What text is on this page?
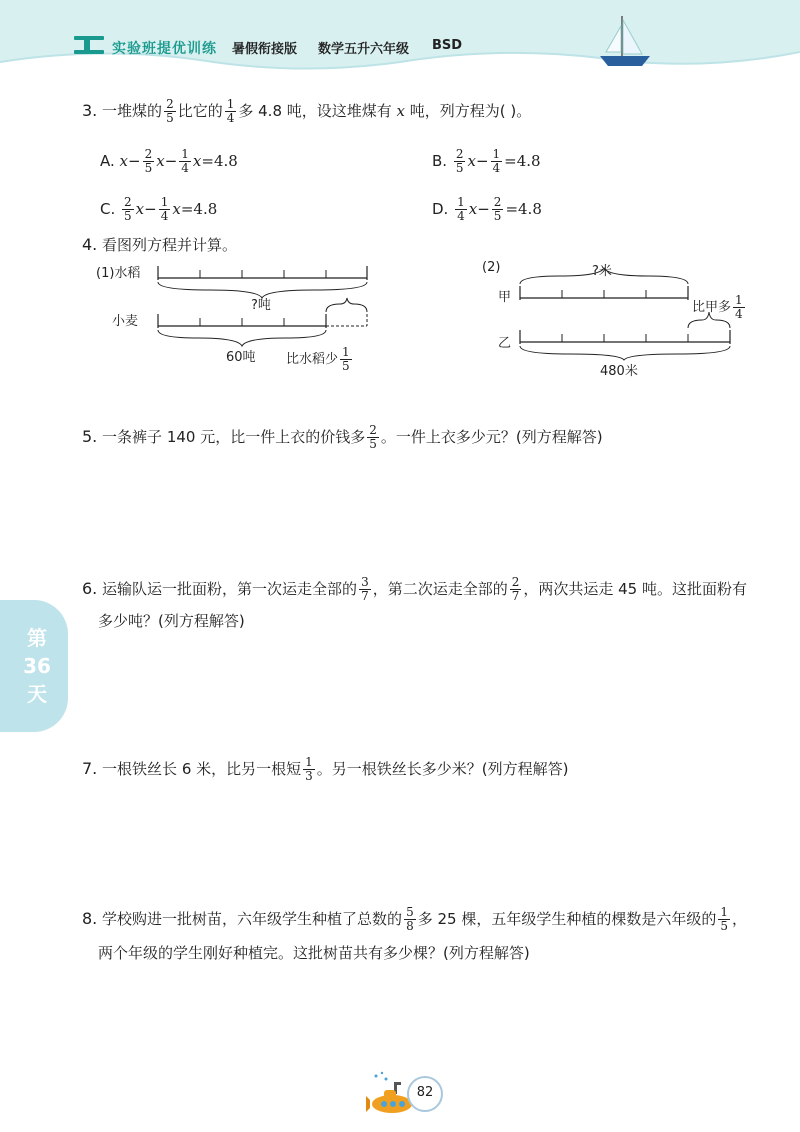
实验班提优训练 暑假衔接版 数学五升六年级 BSD
3. 一堆煤的 $\frac{2}{5}$ 比它的 $\frac{1}{4}$ 多 4.8 吨，设这堆煤有 x 吨，列方程为( )。
A. $x- \frac{2}{5} x- \frac{1}{4} x=4.8$	B. $\frac{2}{5} x- \frac{1}{4} =4.8$
C. $\frac{2}{5} x- \frac{1}{4} x=4.8$	D. $\frac{1}{4} x- \frac{2}{5} =4.8$
4. 看图列方程并计算。
(1)水稻
?吨
小麦
60吨 比水稻少 $\frac{1}{5}$
(2)	?米
甲
比甲多 $\frac{1}{4}$
乙
480米
5. 一条裤子 140 元，比一件上衣的价钱多 $\frac{2}{5}$ 。一件上衣多少元？(列方程解答)
6. 运输队运一批面粉，第一次运走全部的 $\frac{3}{7}$ ，第二次运走全部的 $\frac{2}{7}$ ，两次共运走 45 吨。这批面粉有
多少吨？(列方程解答)
第36天
7. 一根铁丝长 6 米，比另一根短 $\frac{1}{3}$ 。另一根铁丝长多少米？(列方程解答)
8. 学校购进一批树苗，六年级学生种植了总数的 $\frac{5}{8}$ 多 25 棵，五年级学生种植的棵数是六年级的 $\frac{1}{5}$ ，
两个年级的学生刚好种植完。这批树苗共有多少棵？(列方程解答)
82
